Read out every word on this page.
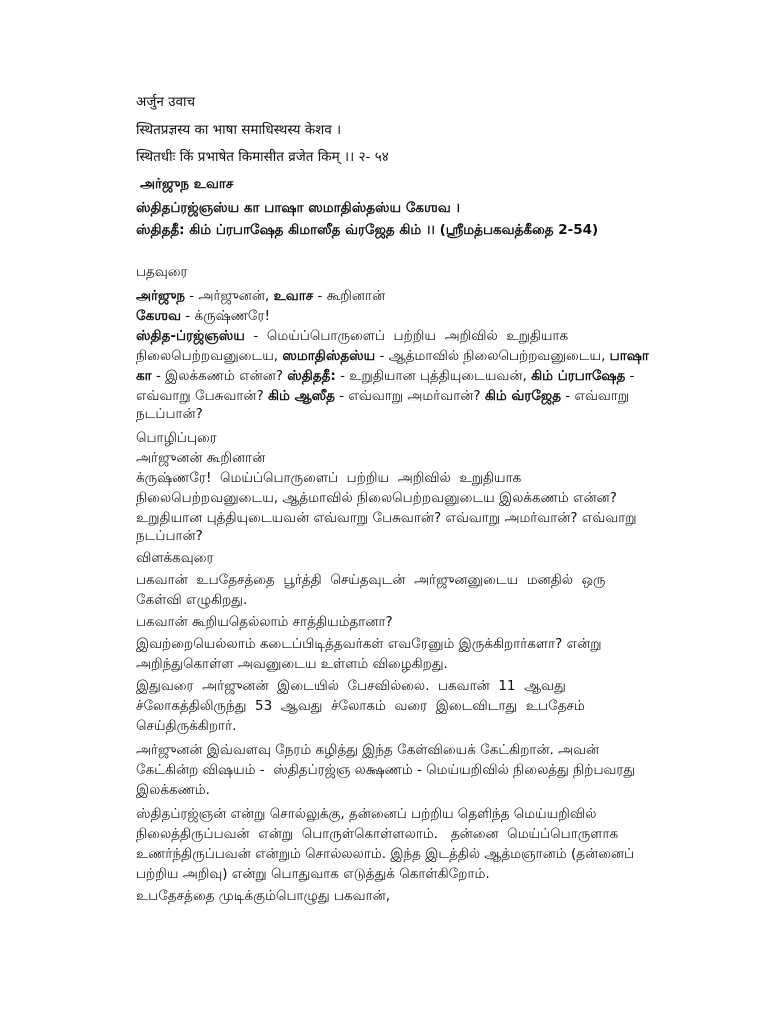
अर्जुन उवाच
स्थितप्रज्ञस्य का भाषा समाधिस्थस्य केशव ।
स्थितधीः किं प्रभाषेत किमासीत व्रजेत किम् ।। २- ५४
அர்ஜுந உவாச
ஸ்திதப்ரஜ்ஞஸ்ய கா பாஷா ஸமாதிஸ்தஸ்ய கேஶவ ।
ஸ்திததீ: கிம் ப்ரபாஷேத கிமாஸீத வ்ரஜேத கிம் ।। (ஸ்ரீமத்பகவத்கீதை 2-54)
பதவுரை
அர்ஜுந - அர்ஜுனன், உவாச - கூறினான்
கேஶவ - க்ருஷ்ணரே!
ஸ்தித-ப்ரஜ்ஞஸ்ய  -  மெய்ப்பொருளைப்  பற்றிய  அறிவில்  உறுதியாக
நிலைபெற்றவனுடைய, ஸமாதிஸ்தஸ்ய - ஆத்மாவில் நிலைபெற்றவனுடைய, பாஷா
கா - இலக்கணம் என்ன? ஸ்திததீ: - உறுதியான புத்தியுடையவன், கிம் ப்ரபாஷேத -
எவ்வாறு பேசுவான்? கிம் ஆஸீத - எவ்வாறு அமர்வான்? கிம் வ்ரஜேத - எவ்வாறு
நடப்பான்?
பொழிப்புரை
அர்ஜுனன் கூறினான்
க்ருஷ்ணரே!  மெய்ப்பொருளைப்  பற்றிய  அறிவில்  உறுதியாக
நிலைபெற்றவனுடைய, ஆத்மாவில் நிலைபெற்றவனுடைய இலக்கணம் என்ன?
உறுதியான புத்தியுடையவன் எவ்வாறு பேசுவான்? எவ்வாறு அமர்வான்? எவ்வாறு
நடப்பான்?
விளக்கவுரை
பகவான்  உபதேசத்தை  பூர்த்தி  செய்தவுடன்  அர்ஜுனனுடைய  மனதில்  ஒரு
கேள்வி எழுகிறது.
பகவான் கூறியதெல்லாம் சாத்தியம்தானா?
இவற்றையெல்லாம் கடைப்பிடித்தவர்கள் எவரேனும் இருக்கிறார்களா? என்று
அறிந்துகொள்ள அவனுடைய உள்ளம் விழைகிறது.
இதுவரை  அர்ஜுனன்  இடையில்  பேசவில்லை.  பகவான்  11  ஆவது
ச்லோகத்திலிருந்து  53  ஆவது  ச்லோகம்  வரை  இடைவிடாது  உபதேசம்
செய்திருக்கிறார்.
அர்ஜுனன் இவ்வளவு நேரம் கழித்து இந்த கேள்வியைக் கேட்கிறான். அவன்
கேட்கின்ற விஷயம் -  ஸ்திதப்ரஜ்ஞ லக்ஷணம் - மெய்யறிவில் நிலைத்து நிற்பவரது
இலக்கணம்.
ஸ்திதப்ரஜ்ஞன் என்று சொல்லுக்கு, தன்னைப் பற்றிய தெளிந்த மெய்யறிவில்
நிலைத்திருப்பவன்  என்று  பொருள்கொள்ளலாம்.   தன்னை  மெய்ப்பொருளாக
உணர்ந்திருப்பவன் என்றும் சொல்லலாம். இந்த இடத்தில் ஆத்மஞானம் (தன்னைப்
பற்றிய அறிவு) என்று பொதுவாக எடுத்துக் கொள்கிறோம்.
உபதேசத்தை முடிக்கும்பொழுது பகவான்,
